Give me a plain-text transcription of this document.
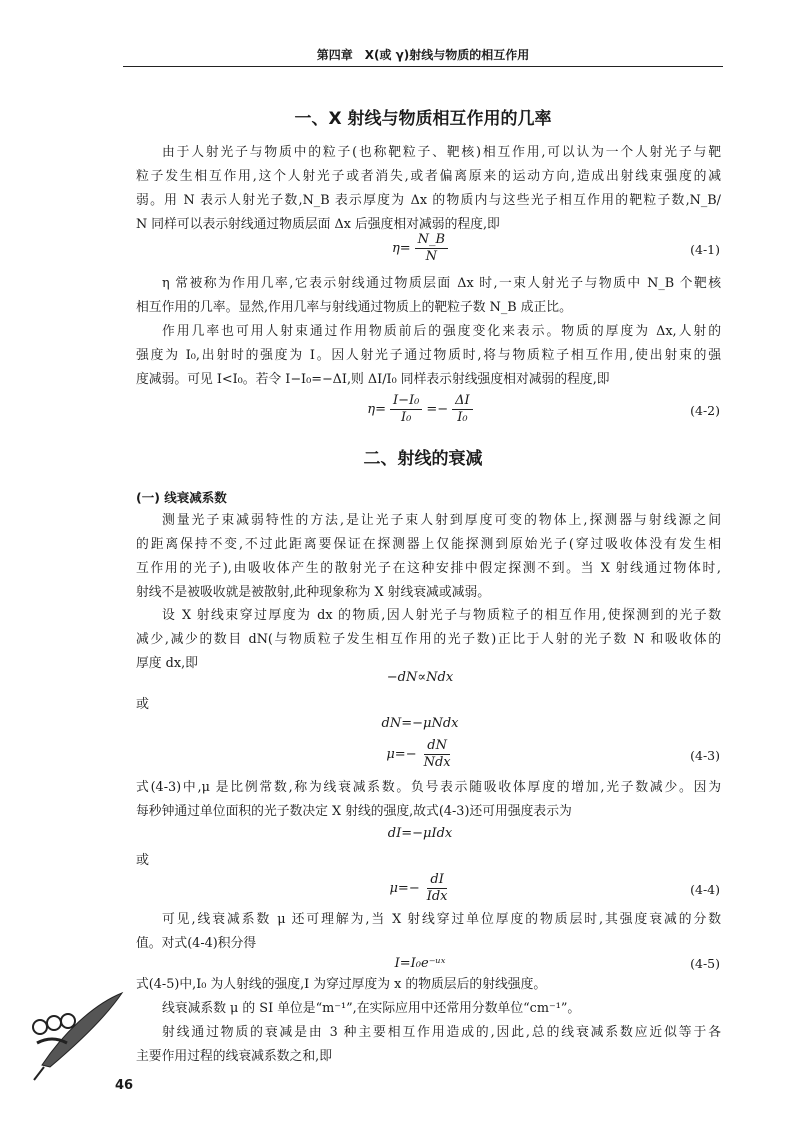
第四章　X(或 γ)射线与物质的相互作用
一、X 射线与物质相互作用的几率
由于人射光子与物质中的粒子(也称靶粒子、靶核)相互作用,可以认为一个人射光子与靶
粒子发生相互作用,这个人射光子或者消失,或者偏离原来的运动方向,造成出射线束强度的减
弱。用 N 表示人射光子数,N_B 表示厚度为 Δx 的物质内与这些光子相互作用的靶粒子数,N_B/
N 同样可以表示射线通过物质层面 Δx 后强度相对减弱的程度,即
$\eta= \frac{N\_B}{N}$	(4-1)
η 常被称为作用几率,它表示射线通过物质层面 Δx 时,一束人射光子与物质中 N_B 个靶核
相互作用的几率。显然,作用几率与射线通过物质上的靶粒子数 N_B 成正比。
作用几率也可用人射束通过作用物质前后的强度变化来表示。物质的厚度为 Δx,人射的
强度为 I₀,出射时的强度为 I。因人射光子通过物质时,将与物质粒子相互作用,使出射束的强
度减弱。可见 I<I₀。若令 I−I₀=−ΔI,则 ΔI/I₀ 同样表示射线强度相对减弱的程度,即
$\eta= \frac{\text{I−I₀}}{\text{I₀}} =- \frac{\Delta I}{\text{I₀}}$	(4-2)
二、射线的衰减
(一) 线衰减系数
测量光子束减弱特性的方法,是让光子束人射到厚度可变的物体上,探测器与射线源之间
的距离保持不变,不过此距离要保证在探测器上仅能探测到原始光子(穿过吸收体没有发生相
互作用的光子),由吸收体产生的散射光子在这种安排中假定探测不到。当 X 射线通过物体时,
射线不是被吸收就是被散射,此种现象称为 X 射线衰减或减弱。
设 X 射线束穿过厚度为 dx 的物质,因人射光子与物质粒子的相互作用,使探测到的光子数
减少,减少的数目 dN(与物质粒子发生相互作用的光子数)正比于人射的光子数 N 和吸收体的
厚度 dx,即
−dN∝Ndx
或
dN=−μNdx
$\mu=- \frac{dN}{\text{Ndx}}$	(4-3)
式(4-3)中,μ 是比例常数,称为线衰减系数。负号表示随吸收体厚度的增加,光子数减少。因为
每秒钟通过单位面积的光子数决定 X 射线的强度,故式(4-3)还可用强度表示为
dI=−μIdx
或
$\mu=- \frac{dI}{\text{Idx}}$	(4-4)
可见,线衰减系数 μ 还可理解为,当 X 射线穿过单位厚度的物质层时,其强度衰减的分数
值。对式(4-4)积分得
I=I₀e⁻ᵘˣ	(4-5)
式(4-5)中,I₀ 为人射线的强度,I 为穿过厚度为 x 的物质层后的射线强度。
线衰减系数 μ 的 SI 单位是“m⁻¹”,在实际应用中还常用分数单位“cm⁻¹”。
射线通过物质的衰减是由 3 种主要相互作用造成的,因此,总的线衰减系数应近似等于各
主要作用过程的线衰减系数之和,即
46
